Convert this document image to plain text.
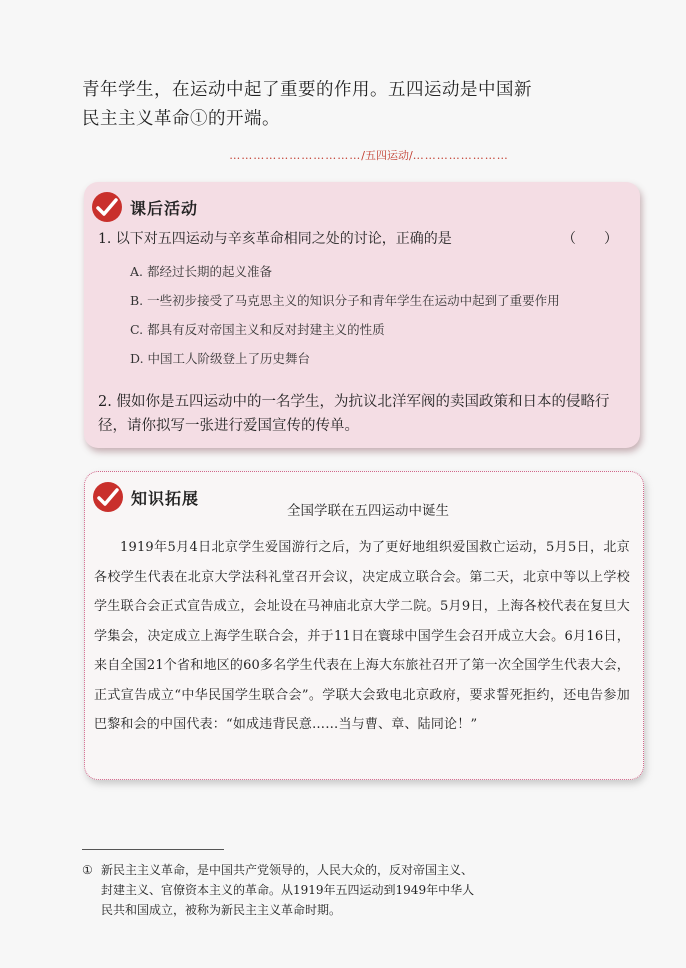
青年学生，在运动中起了重要的作用。五四运动是中国新
民主主义革命①的开端。
……………………………/五四运动/……………………
课后活动
1. 以下对五四运动与辛亥革命相同之处的讨论，正确的是	（　　）
A. 都经过长期的起义准备
B. 一些初步接受了马克思主义的知识分子和青年学生在运动中起到了重要作用
C. 都具有反对帝国主义和反对封建主义的性质
D. 中国工人阶级登上了历史舞台
2. 假如你是五四运动中的一名学生，为抗议北洋军阀的卖国政策和日本的侵略行径，请你拟写一张进行爱国宣传的传单。
知识拓展
全国学联在五四运动中诞生

1919年5月4日北京学生爱国游行之后，为了更好地组织爱国救亡运动，5月5日，北京各校学生代表在北京大学法科礼堂召开会议，决定成立联合会。第二天，北京中等以上学校学生联合会正式宣告成立，会址设在马神庙北京大学二院。5月9日，上海各校代表在复旦大学集会，决定成立上海学生联合会，并于11日在寰球中国学生会召开成立大会。6月16日，来自全国21个省和地区的60多名学生代表在上海大东旅社召开了第一次全国学生代表大会，正式宣告成立“中华民国学生联合会”。学联大会致电北京政府，要求誓死拒约，还电告参加巴黎和会的中国代表：“如成违背民意……当与曹、章、陆同论！”

① 新民主主义革命，是中国共产党领导的，人民大众的，反对帝国主义、封建主义、官僚资本主义的革命。从1919年五四运动到1949年中华人民共和国成立，被称为新民主主义革命时期。
